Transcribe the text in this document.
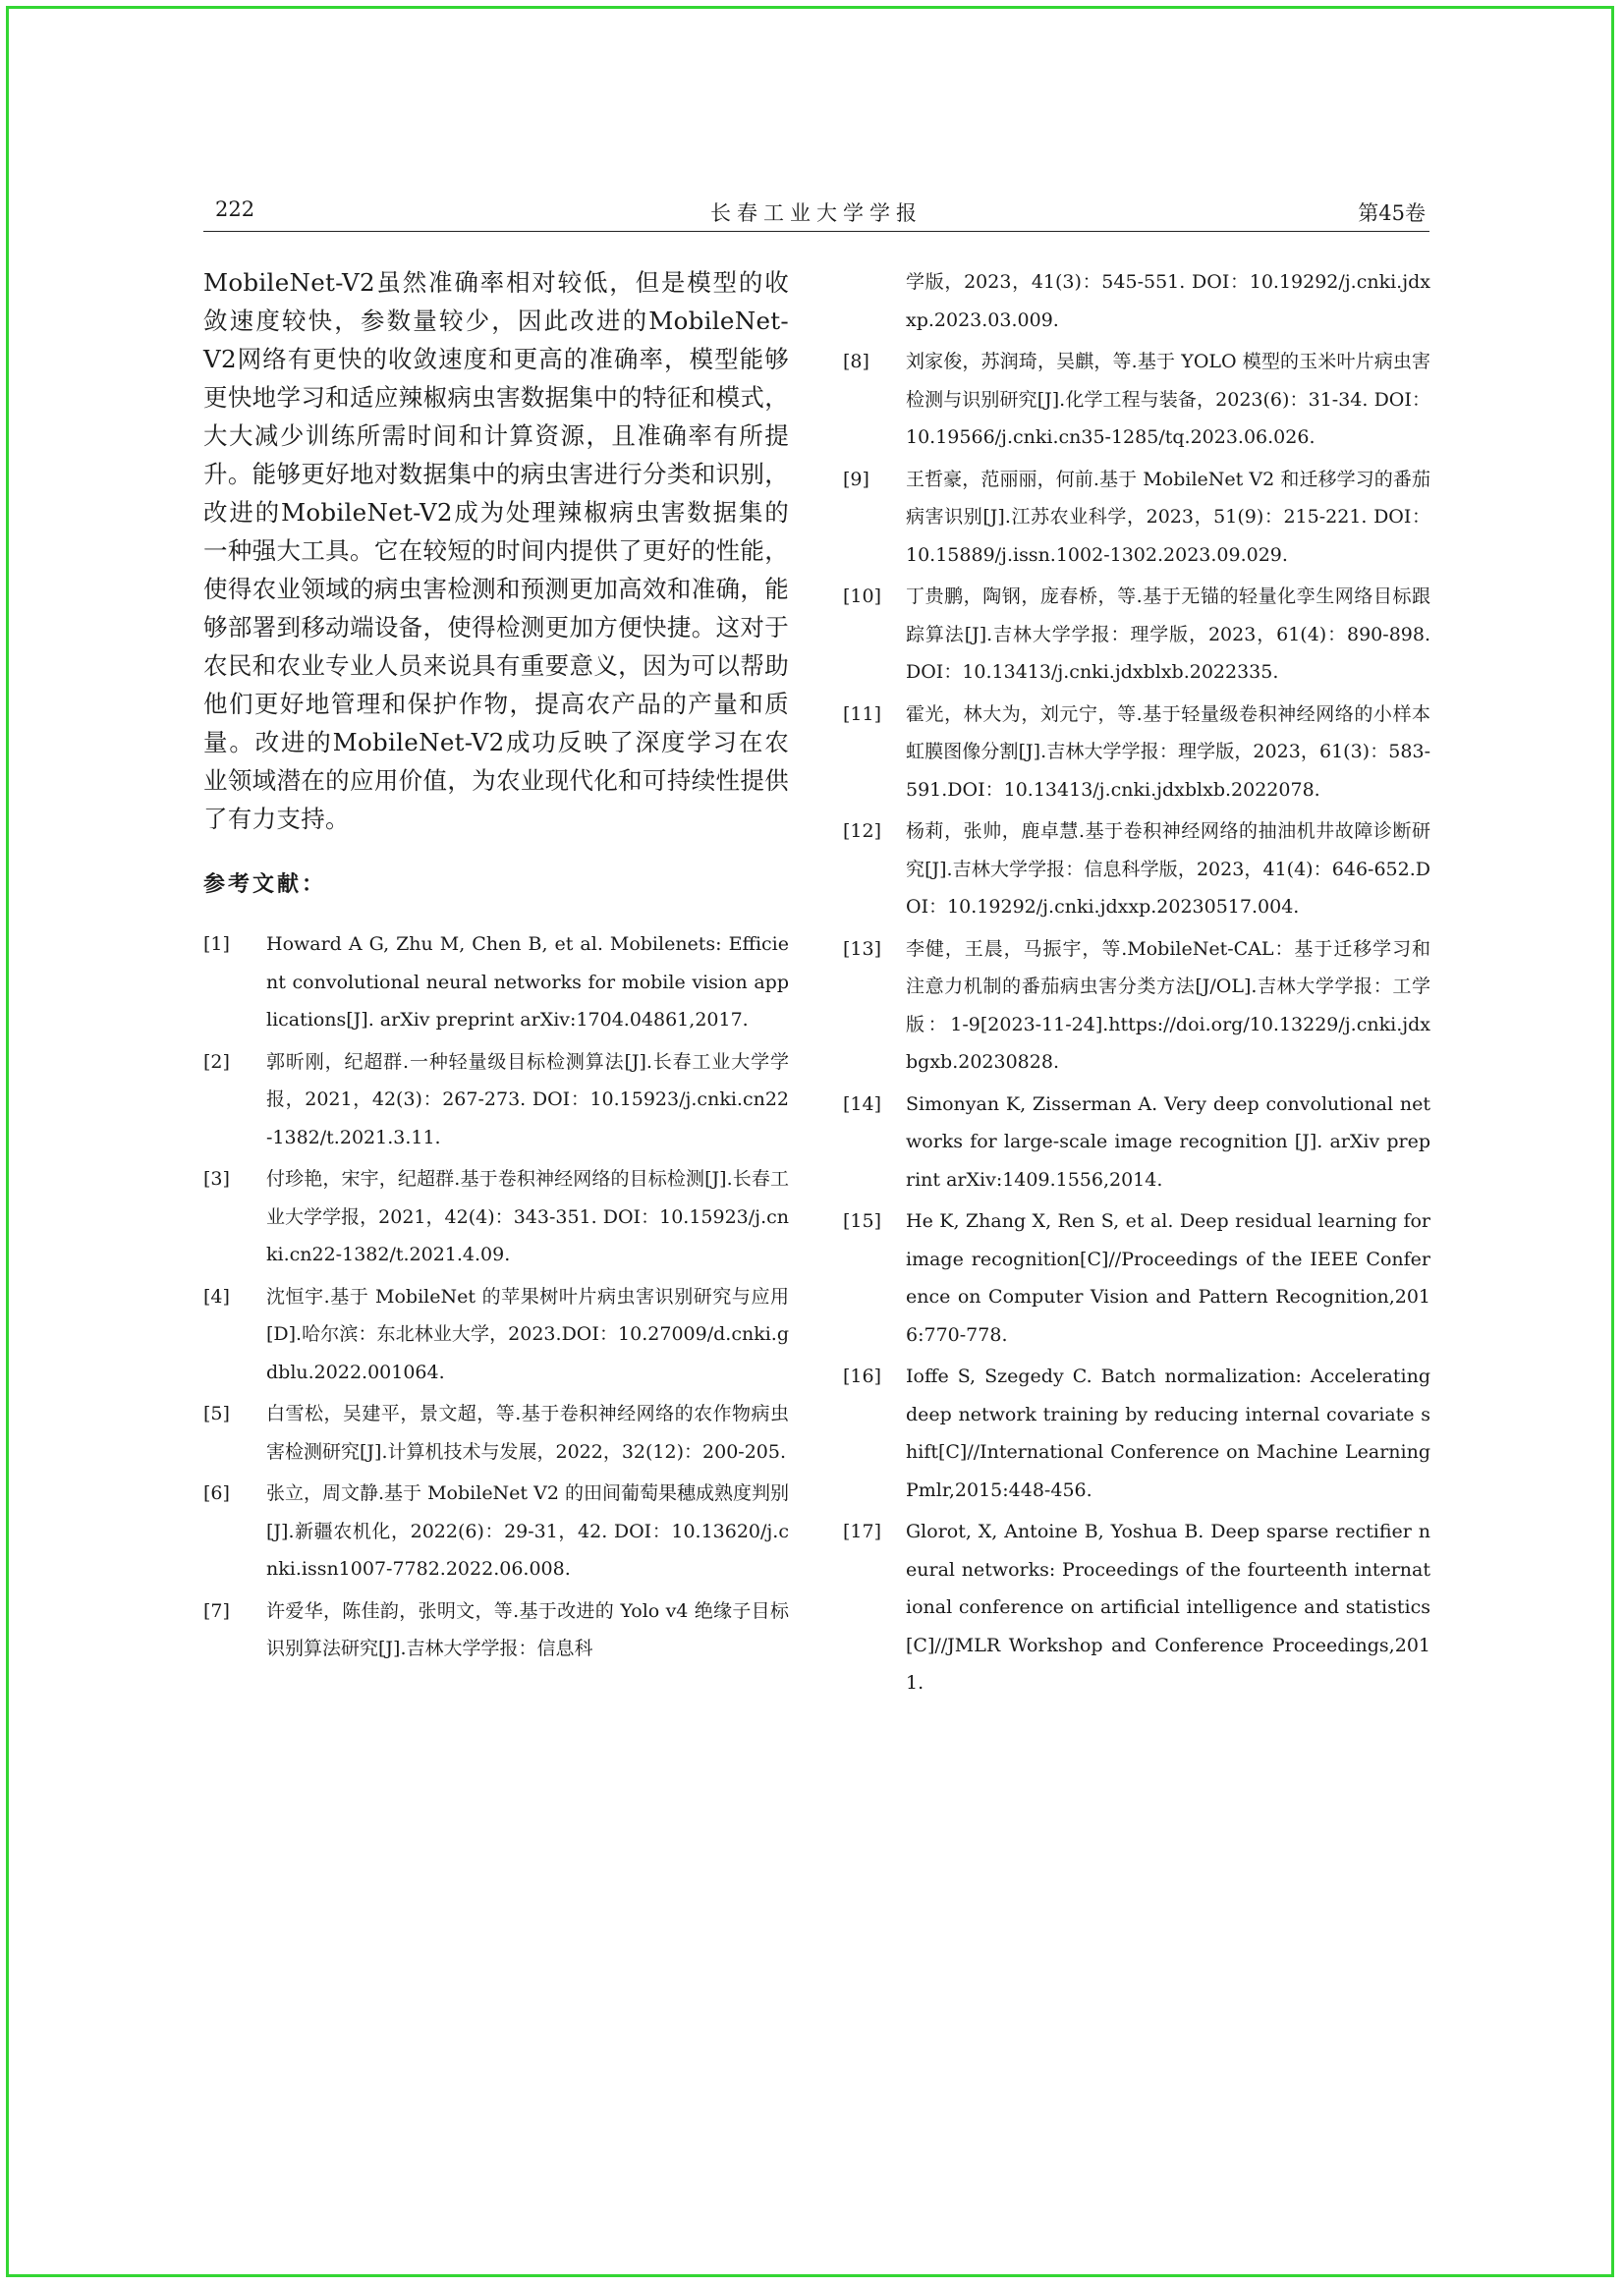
222	长春工业大学学报	第45卷

MobileNet-V2虽然准确率相对较低，但是模型的收敛速度较快，参数量较少，因此改进的MobileNet-V2网络有更快的收敛速度和更高的准确率，模型能够更快地学习和适应辣椒病虫害数据集中的特征和模式，大大减少训练所需时间和计算资源，且准确率有所提升。能够更好地对数据集中的病虫害进行分类和识别，改进的MobileNet-V2成为处理辣椒病虫害数据集的一种强大工具。它在较短的时间内提供了更好的性能，使得农业领域的病虫害检测和预测更加高效和准确，能够部署到移动端设备，使得检测更加方便快捷。这对于农民和农业专业人员来说具有重要意义，因为可以帮助他们更好地管理和保护作物，提高农产品的产量和质量。改进的MobileNet-V2成功反映了深度学习在农业领域潜在的应用价值，为农业现代化和可持续性提供了有力支持。

参考文献：
[1]	Howard A G, Zhu M, Chen B, et al. Mobilenets: Efficient convolutional neural networks for mobile vision applications[J]. arXiv preprint arXiv:1704.04861,2017.
[2]	郭昕刚，纪超群.一种轻量级目标检测算法[J].长春工业大学学报，2021，42(3)：267-273. DOI：10.15923/j.cnki.cn22-1382/t.2021.3.11.
[3]	付珍艳，宋宇，纪超群.基于卷积神经网络的目标检测[J].长春工业大学学报，2021，42(4)：343-351. DOI：10.15923/j.cnki.cn22-1382/t.2021.4.09.
[4]	沈恒宇.基于 MobileNet 的苹果树叶片病虫害识别研究与应用[D].哈尔滨：东北林业大学，2023.DOI：10.27009/d.cnki.gdblu.2022.001064.
[5]	白雪松，吴建平，景文超，等.基于卷积神经网络的农作物病虫害检测研究[J].计算机技术与发展，2022，32(12)：200-205.
[6]	张立，周文静.基于 MobileNet V2 的田间葡萄果穗成熟度判别[J].新疆农机化，2022(6)：29-31，42. DOI：10.13620/j.cnki.issn1007-7782.2022.06.008.
[7]	许爱华，陈佳韵，张明文，等.基于改进的 Yolo v4 绝缘子目标识别算法研究[J].吉林大学学报：信息科
学版，2023，41(3)：545-551. DOI：10.19292/j.cnki.jdxxp.2023.03.009.
[8]	刘家俊，苏润琦，吴麒，等.基于 YOLO 模型的玉米叶片病虫害检测与识别研究[J].化学工程与装备，2023(6)：31-34. DOI：10.19566/j.cnki.cn35-1285/tq.2023.06.026.
[9]	王哲豪，范丽丽，何前.基于 MobileNet V2 和迁移学习的番茄病害识别[J].江苏农业科学，2023，51(9)：215-221. DOI：10.15889/j.issn.1002-1302.2023.09.029.
[10]	丁贵鹏，陶钢，庞春桥，等.基于无锚的轻量化孪生网络目标跟踪算法[J].吉林大学学报：理学版，2023，61(4)：890-898. DOI：10.13413/j.cnki.jdxblxb.2022335.
[11]	霍光，林大为，刘元宁，等.基于轻量级卷积神经网络的小样本虹膜图像分割[J].吉林大学学报：理学版，2023，61(3)：583-591.DOI：10.13413/j.cnki.jdxblxb.2022078.
[12]	杨莉，张帅，鹿卓慧.基于卷积神经网络的抽油机井故障诊断研究[J].吉林大学学报：信息科学版，2023，41(4)：646-652.DOI：10.19292/j.cnki.jdxxp.20230517.004.
[13]	李健，王晨，马振宇，等.MobileNet-CAL：基于迁移学习和注意力机制的番茄病虫害分类方法[J/OL].吉林大学学报：工学版：1-9[2023-11-24].https://doi.org/10.13229/j.cnki.jdxbgxb.20230828.
[14]	Simonyan K, Zisserman A. Very deep convolutional networks for large-scale image recognition [J]. arXiv preprint arXiv:1409.1556,2014.
[15]	He K, Zhang X, Ren S, et al. Deep residual learning for image recognition[C]//Proceedings of the IEEE Conference on Computer Vision and Pattern Recognition,2016:770-778.
[16]	Ioffe S, Szegedy C. Batch normalization: Accelerating deep network training by reducing internal covariate shift[C]//International Conference on Machine Learning Pmlr,2015:448-456.
[17]	Glorot, X, Antoine B, Yoshua B. Deep sparse rectifier neural networks: Proceedings of the fourteenth international conference on artificial intelligence and statistics [C]//JMLR Workshop and Conference Proceedings,2011.
